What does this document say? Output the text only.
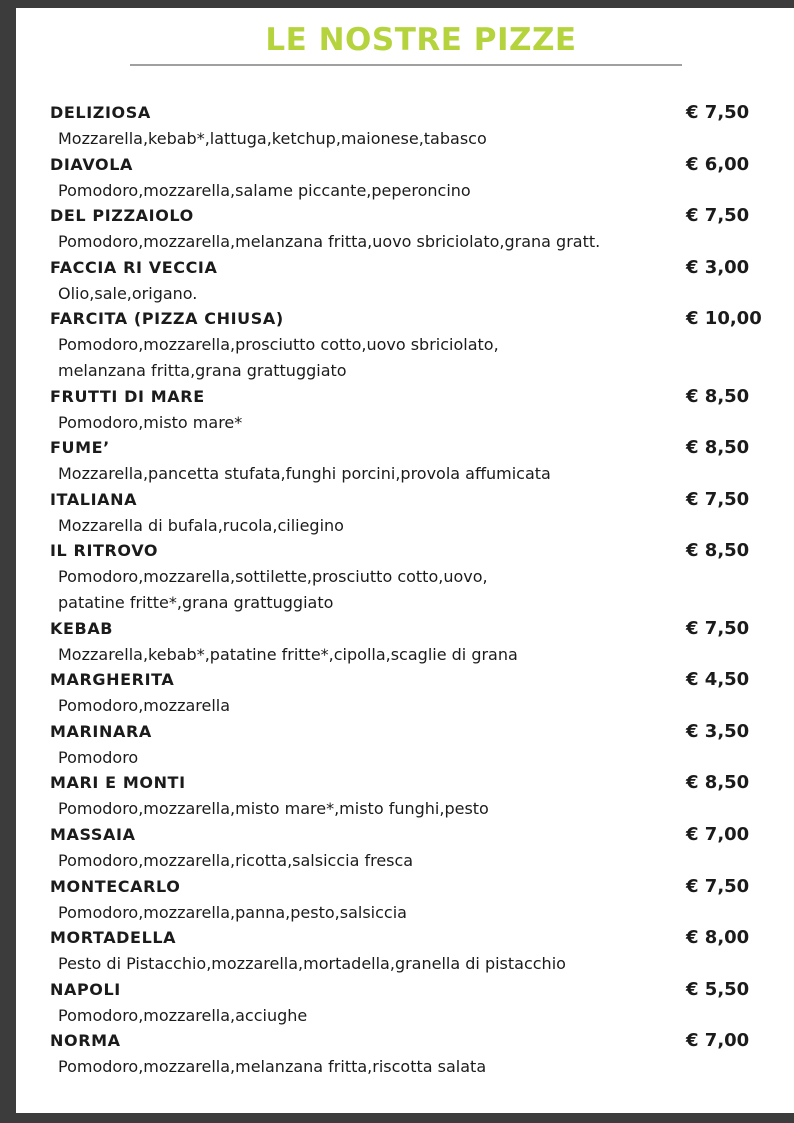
LE NOSTRE PIZZE
DELIZIOSA	€ 7,50
Mozzarella,kebab*,lattuga,ketchup,maionese,tabasco
DIAVOLA	€ 6,00
Pomodoro,mozzarella,salame piccante,peperoncino
DEL PIZZAIOLO	€ 7,50
Pomodoro,mozzarella,melanzana fritta,uovo sbriciolato,grana gratt.
FACCIA RI VECCIA	€ 3,00
Olio,sale,origano.
FARCITA (PIZZA CHIUSA)	€ 10,00
Pomodoro,mozzarella,prosciutto cotto,uovo sbriciolato,
melanzana fritta,grana grattuggiato
FRUTTI DI MARE	€ 8,50
Pomodoro,misto mare*
FUME’	€ 8,50
Mozzarella,pancetta stufata,funghi porcini,provola affumicata
ITALIANA	€ 7,50
Mozzarella di bufala,rucola,ciliegino
IL RITROVO	€ 8,50
Pomodoro,mozzarella,sottilette,prosciutto cotto,uovo,
patatine fritte*,grana grattuggiato
KEBAB	€ 7,50
Mozzarella,kebab*,patatine fritte*,cipolla,scaglie di grana
MARGHERITA	€ 4,50
Pomodoro,mozzarella
MARINARA	€ 3,50
Pomodoro
MARI E MONTI	€ 8,50
Pomodoro,mozzarella,misto mare*,misto funghi,pesto
MASSAIA	€ 7,00
Pomodoro,mozzarella,ricotta,salsiccia fresca
MONTECARLO	€ 7,50
Pomodoro,mozzarella,panna,pesto,salsiccia
MORTADELLA	€ 8,00
Pesto di Pistacchio,mozzarella,mortadella,granella di pistacchio
NAPOLI	€ 5,50
Pomodoro,mozzarella,acciughe
NORMA	€ 7,00
Pomodoro,mozzarella,melanzana fritta,riscotta salata
